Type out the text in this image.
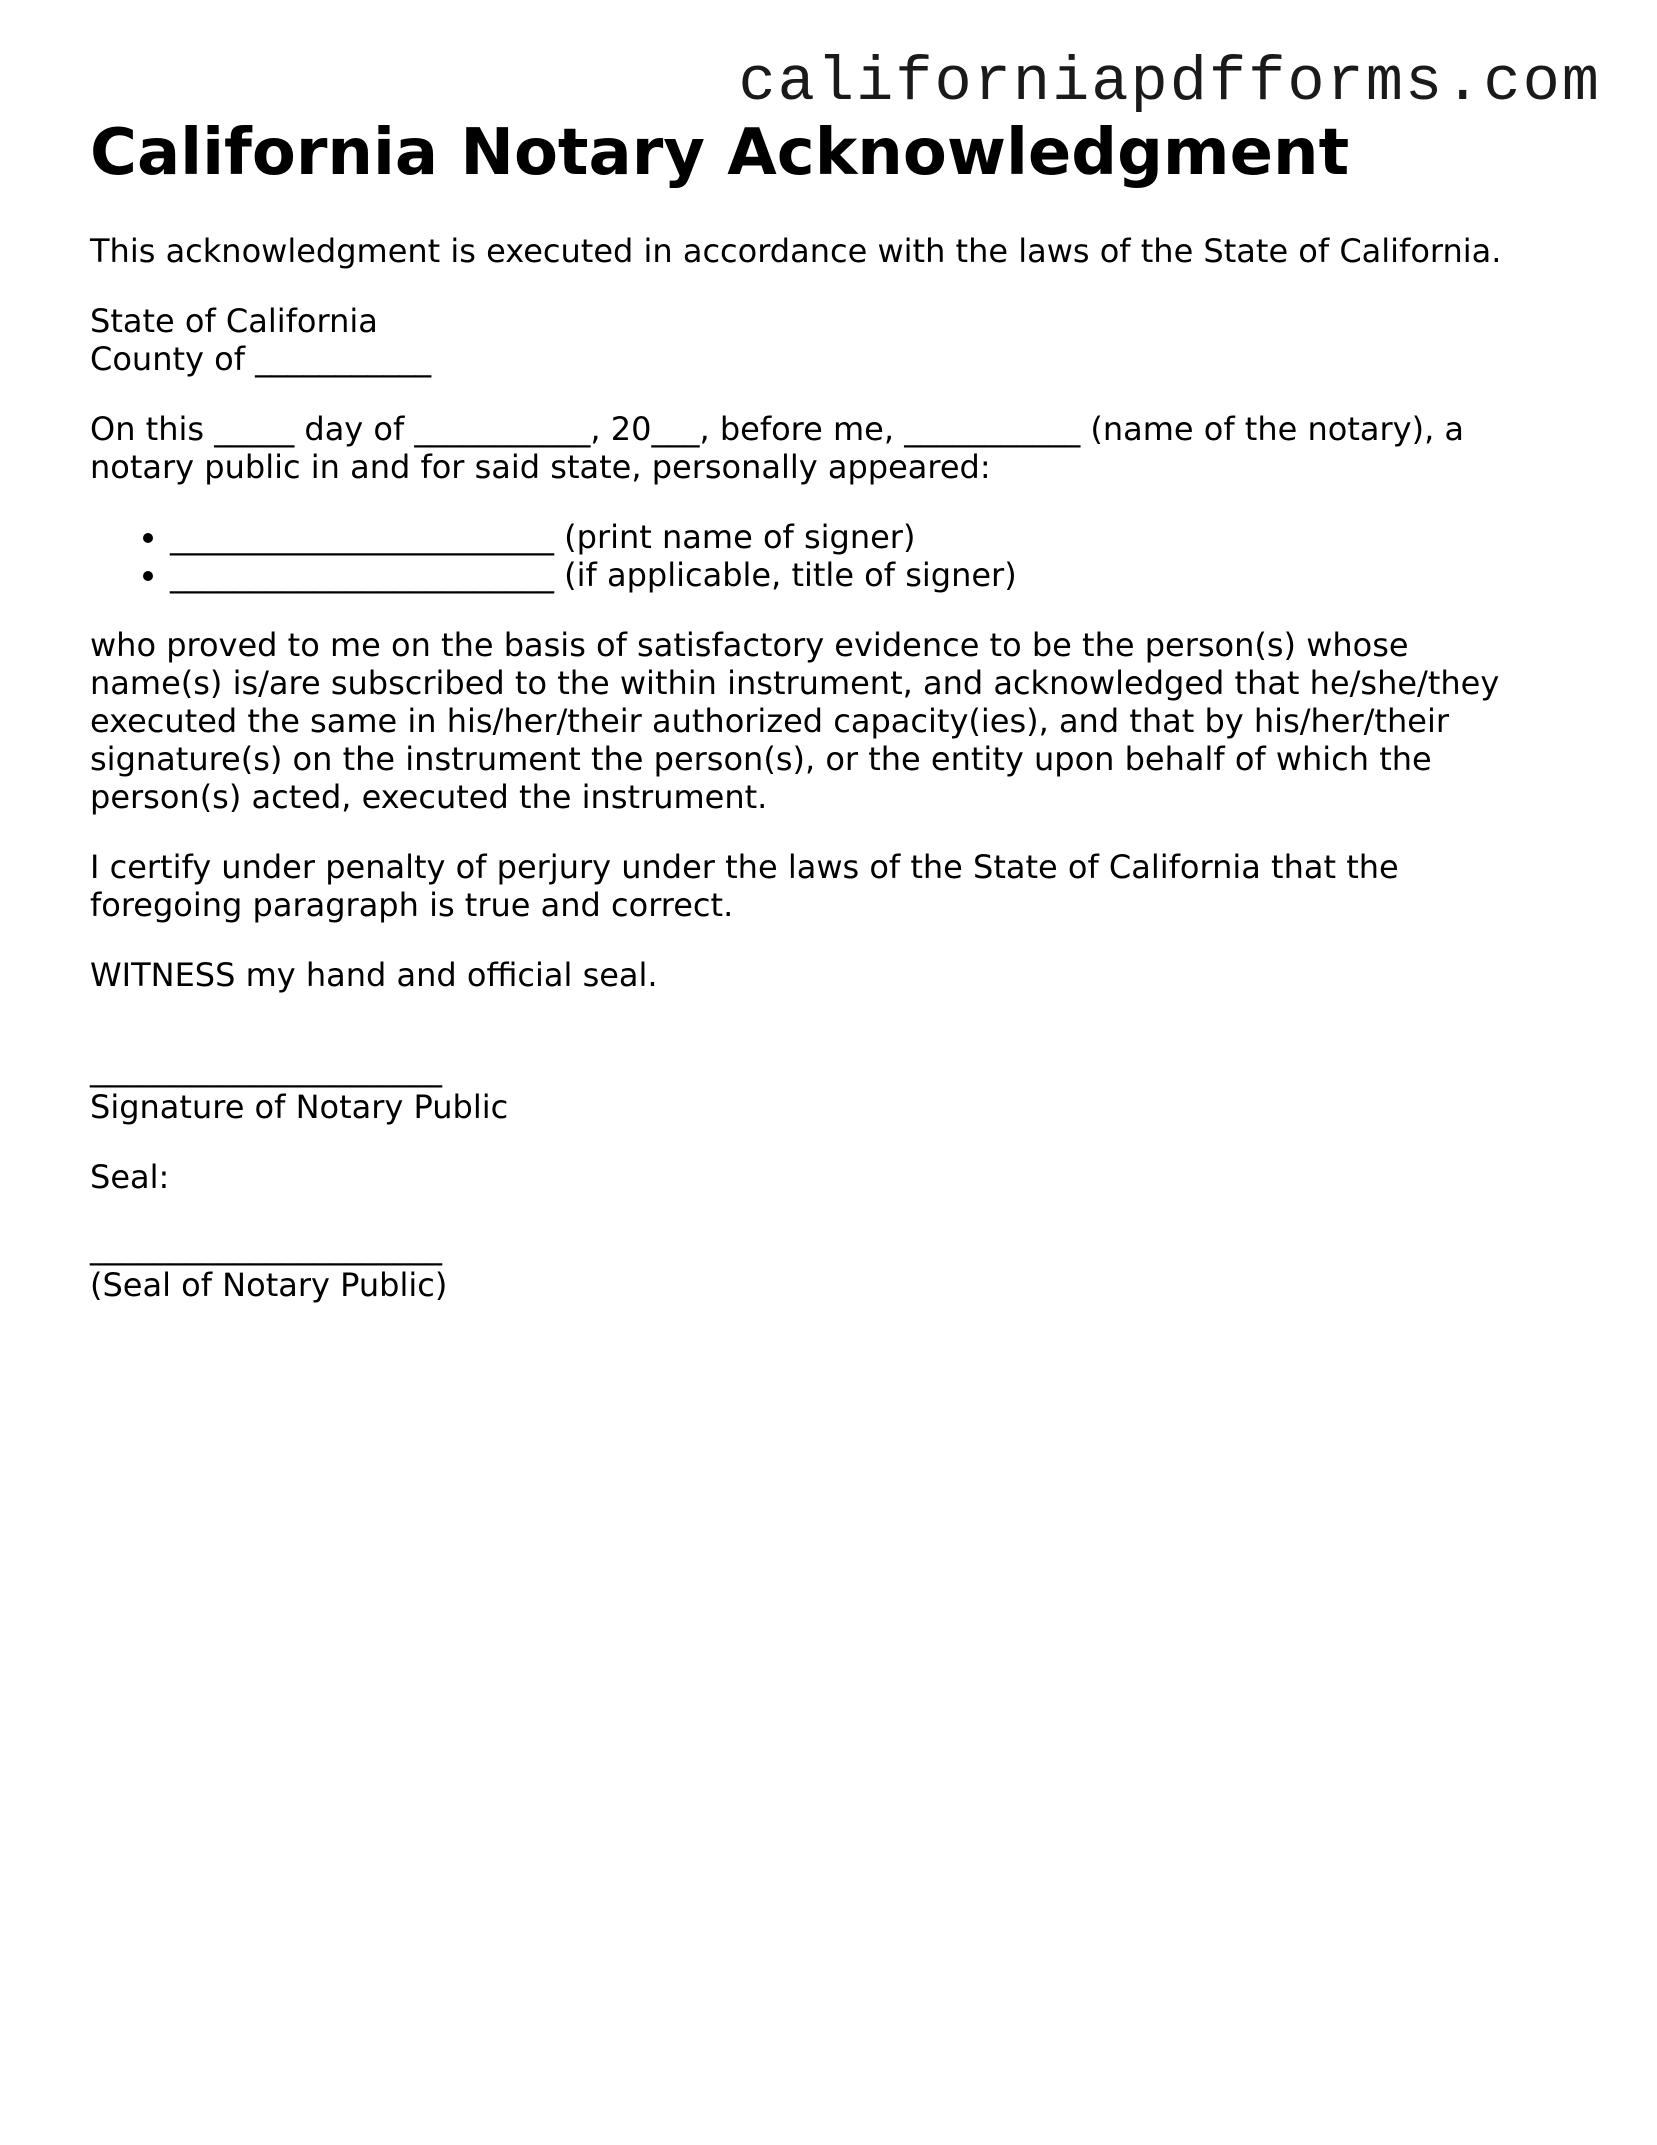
californiapdfforms.com
California Notary Acknowledgment

This acknowledgment is executed in accordance with the laws of the State of California.

State of California
County of ___________

On this _____ day of ___________, 20___, before me, ___________ (name of the notary), a
notary public in and for said state, personally appeared:

• ________________________ (print name of signer)
• ________________________ (if applicable, title of signer)

who proved to me on the basis of satisfactory evidence to be the person(s) whose
name(s) is/are subscribed to the within instrument, and acknowledged that he/she/they
executed the same in his/her/their authorized capacity(ies), and that by his/her/their
signature(s) on the instrument the person(s), or the entity upon behalf of which the
person(s) acted, executed the instrument.

I certify under penalty of perjury under the laws of the State of California that the
foregoing paragraph is true and correct.

WITNESS my hand and official seal.

______________________
Signature of Notary Public

Seal:

______________________
(Seal of Notary Public)
